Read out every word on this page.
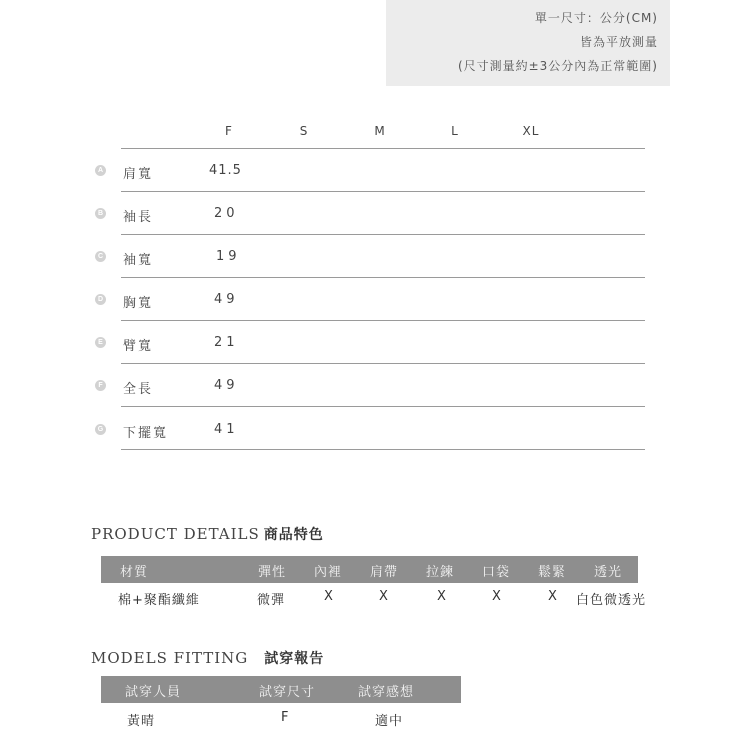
單一尺寸：公分(CM)
皆為平放測量
(尺寸測量約±3公分內為正常範圍)
F	S	M	L	XL
A 肩寬	41.5
B 袖長	20
C 袖寬	19
D 胸寬	49
E 臂寬	21
F 全長	49
G 下擺寬	41
PRODUCT DETAILS 商品特色
材質	彈性 內裡 肩帶 拉鍊 口袋 鬆緊 透光
棉+聚酯纖維	微彈	X	X	X	X	X 白色微透光
MODELS FITTING 試穿報告
試穿人員	試穿尺寸	試穿感想
黃晴	F	適中
